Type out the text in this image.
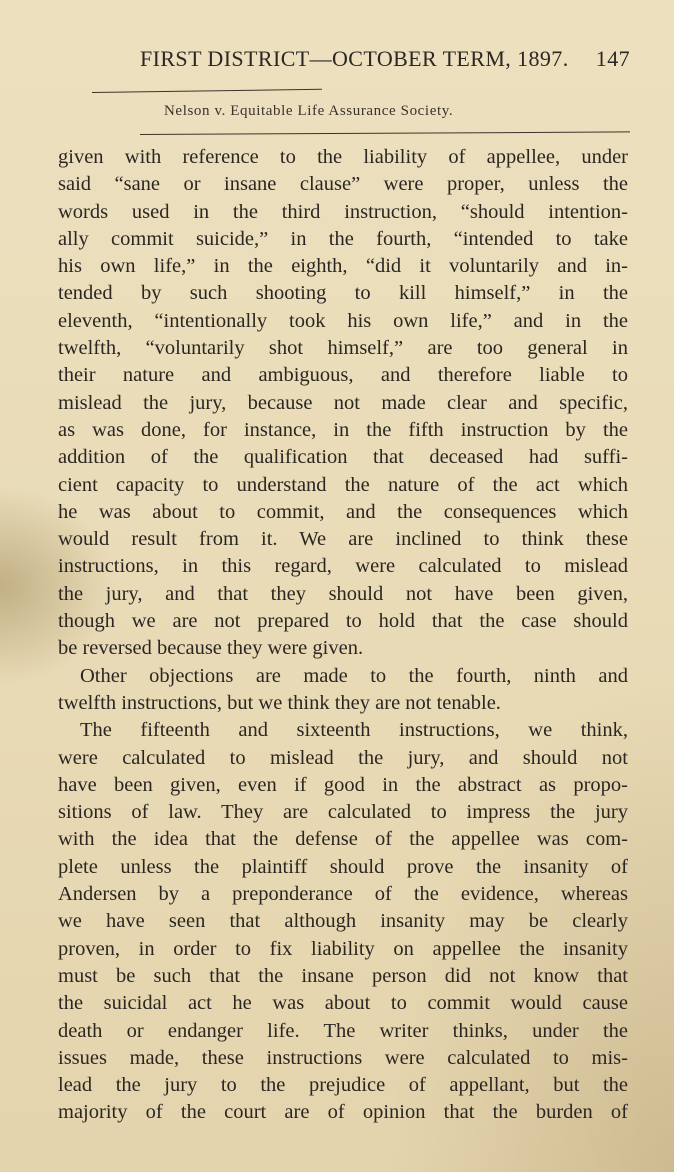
FIRST DISTRICT—OCTOBER TERM, 1897. 147
Nelson v. Equitable Life Assurance Society.
given with reference to the liability of appellee, under
said “sane or insane clause” were proper, unless the
words used in the third instruction, “should intention-
ally commit suicide,” in the fourth, “intended to take
his own life,” in the eighth, “did it voluntarily and in-
tended by such shooting to kill himself,” in the
eleventh, “intentionally took his own life,” and in the
twelfth, “voluntarily shot himself,” are too general in
their nature and ambiguous, and therefore liable to
mislead the jury, because not made clear and specific,
as was done, for instance, in the fifth instruction by the
addition of the qualification that deceased had suffi-
cient capacity to understand the nature of the act which
he was about to commit, and the consequences which
would result from it. We are inclined to think these
instructions, in this regard, were calculated to mislead
the jury, and that they should not have been given,
though we are not prepared to hold that the case should
be reversed because they were given.
Other objections are made to the fourth, ninth and
twelfth instructions, but we think they are not tenable.
The fifteenth and sixteenth instructions, we think,
were calculated to mislead the jury, and should not
have been given, even if good in the abstract as propo-
sitions of law. They are calculated to impress the jury
with the idea that the defense of the appellee was com-
plete unless the plaintiff should prove the insanity of
Andersen by a preponderance of the evidence, whereas
we have seen that although insanity may be clearly
proven, in order to fix liability on appellee the insanity
must be such that the insane person did not know that
the suicidal act he was about to commit would cause
death or endanger life. The writer thinks, under the
issues made, these instructions were calculated to mis-
lead the jury to the prejudice of appellant, but the
majority of the court are of opinion that the burden of
